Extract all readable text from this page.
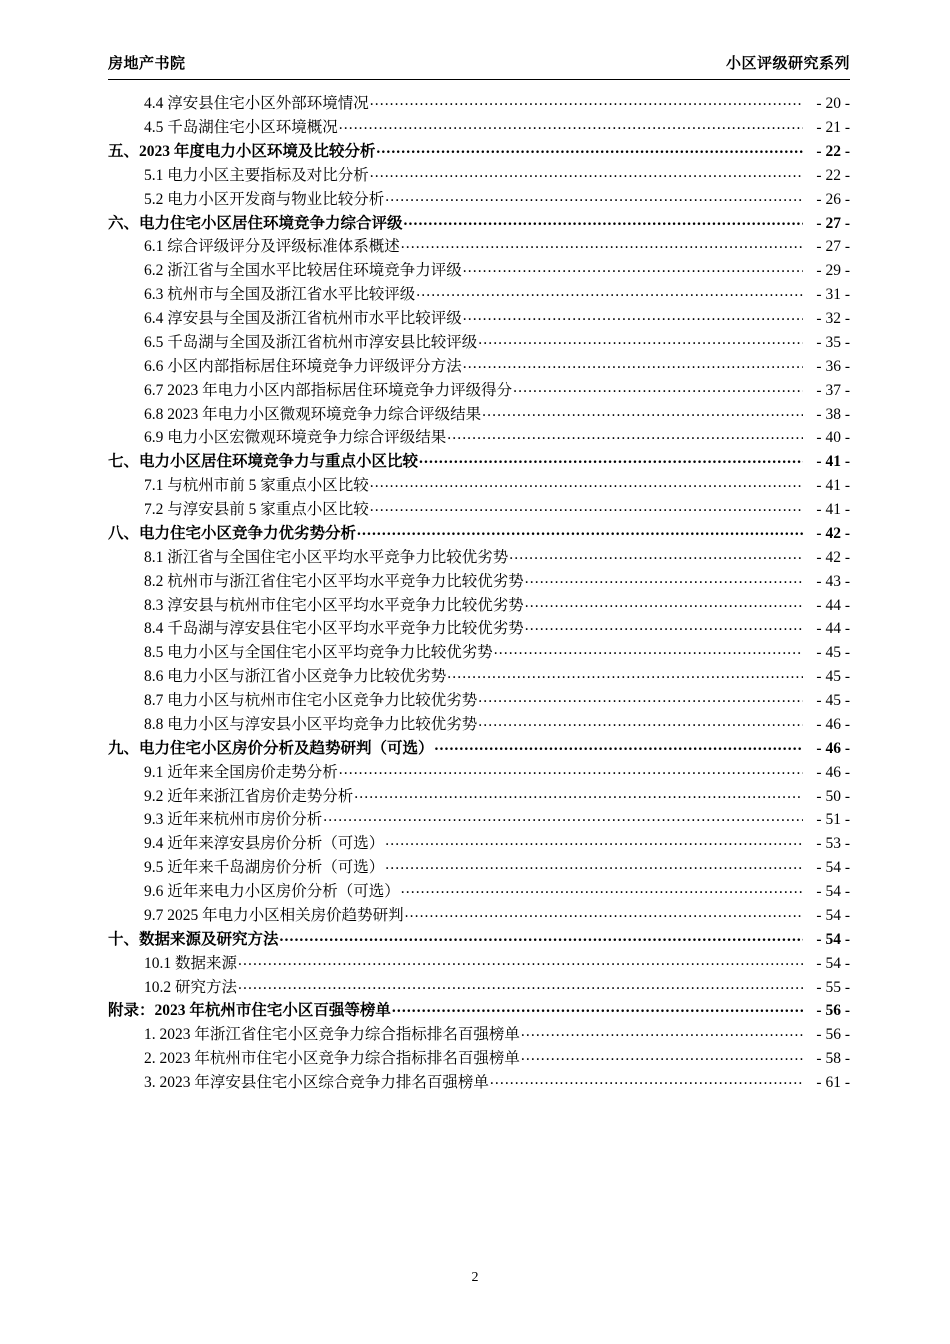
房地产书院	小区评级研究系列
4.4 淳安县住宅小区外部环境情况 .....	- 20 -
4.5 千岛湖住宅小区环境概况 .....	- 21 -
五、2023 年度电力小区环境及比较分析 .....	- 22 -
5.1 电力小区主要指标及对比分析 .....	- 22 -
5.2 电力小区开发商与物业比较分析 .....	- 26 -
六、电力住宅小区居住环境竞争力综合评级 .....	- 27 -
6.1 综合评级评分及评级标准体系概述 .....	- 27 -
6.2 浙江省与全国水平比较居住环境竞争力评级 .....	- 29 -
6.3 杭州市与全国及浙江省水平比较评级 .....	- 31 -
6.4 淳安县与全国及浙江省杭州市水平比较评级 .....	- 32 -
6.5 千岛湖与全国及浙江省杭州市淳安县比较评级 .....	- 35 -
6.6 小区内部指标居住环境竞争力评级评分方法 .....	- 36 -
6.7 2023 年电力小区内部指标居住环境竞争力评级得分 .....	- 37 -
6.8 2023 年电力小区微观环境竞争力综合评级结果 .....	- 38 -
6.9 电力小区宏微观环境竞争力综合评级结果 .....	- 40 -
七、电力小区居住环境竞争力与重点小区比较 .....	- 41 -
7.1 与杭州市前 5 家重点小区比较 .....	- 41 -
7.2 与淳安县前 5 家重点小区比较 .....	- 41 -
八、电力住宅小区竞争力优劣势分析 .....	- 42 -
8.1 浙江省与全国住宅小区平均水平竞争力比较优劣势 .....	- 42 -
8.2 杭州市与浙江省住宅小区平均水平竞争力比较优劣势 .....	- 43 -
8.3 淳安县与杭州市住宅小区平均水平竞争力比较优劣势 .....	- 44 -
8.4 千岛湖与淳安县住宅小区平均水平竞争力比较优劣势 .....	- 44 -
8.5 电力小区与全国住宅小区平均竞争力比较优劣势 .....	- 45 -
8.6 电力小区与浙江省小区竞争力比较优劣势 .....	- 45 -
8.7 电力小区与杭州市住宅小区竞争力比较优劣势 .....	- 45 -
8.8 电力小区与淳安县小区平均竞争力比较优劣势 .....	- 46 -
九、电力住宅小区房价分析及趋势研判（可选） .....	- 46 -
9.1 近年来全国房价走势分析 .....	- 46 -
9.2 近年来浙江省房价走势分析 .....	- 50 -
9.3 近年来杭州市房价分析 .....	- 51 -
9.4 近年来淳安县房价分析（可选） .....	- 53 -
9.5 近年来千岛湖房价分析（可选） .....	- 54 -
9.6 近年来电力小区房价分析（可选） .....	- 54 -
9.7 2025 年电力小区相关房价趋势研判 .....	- 54 -
十、数据来源及研究方法 .....	- 54 -
10.1 数据来源 .....	- 54 -
10.2 研究方法 .....	- 55 -
附录：2023 年杭州市住宅小区百强等榜单 .....	- 56 -
1. 2023 年浙江省住宅小区竞争力综合指标排名百强榜单 .....	- 56 -
2. 2023 年杭州市住宅小区竞争力综合指标排名百强榜单 .....	- 58 -
3. 2023 年淳安县住宅小区综合竞争力排名百强榜单 .....	- 61 -
2
